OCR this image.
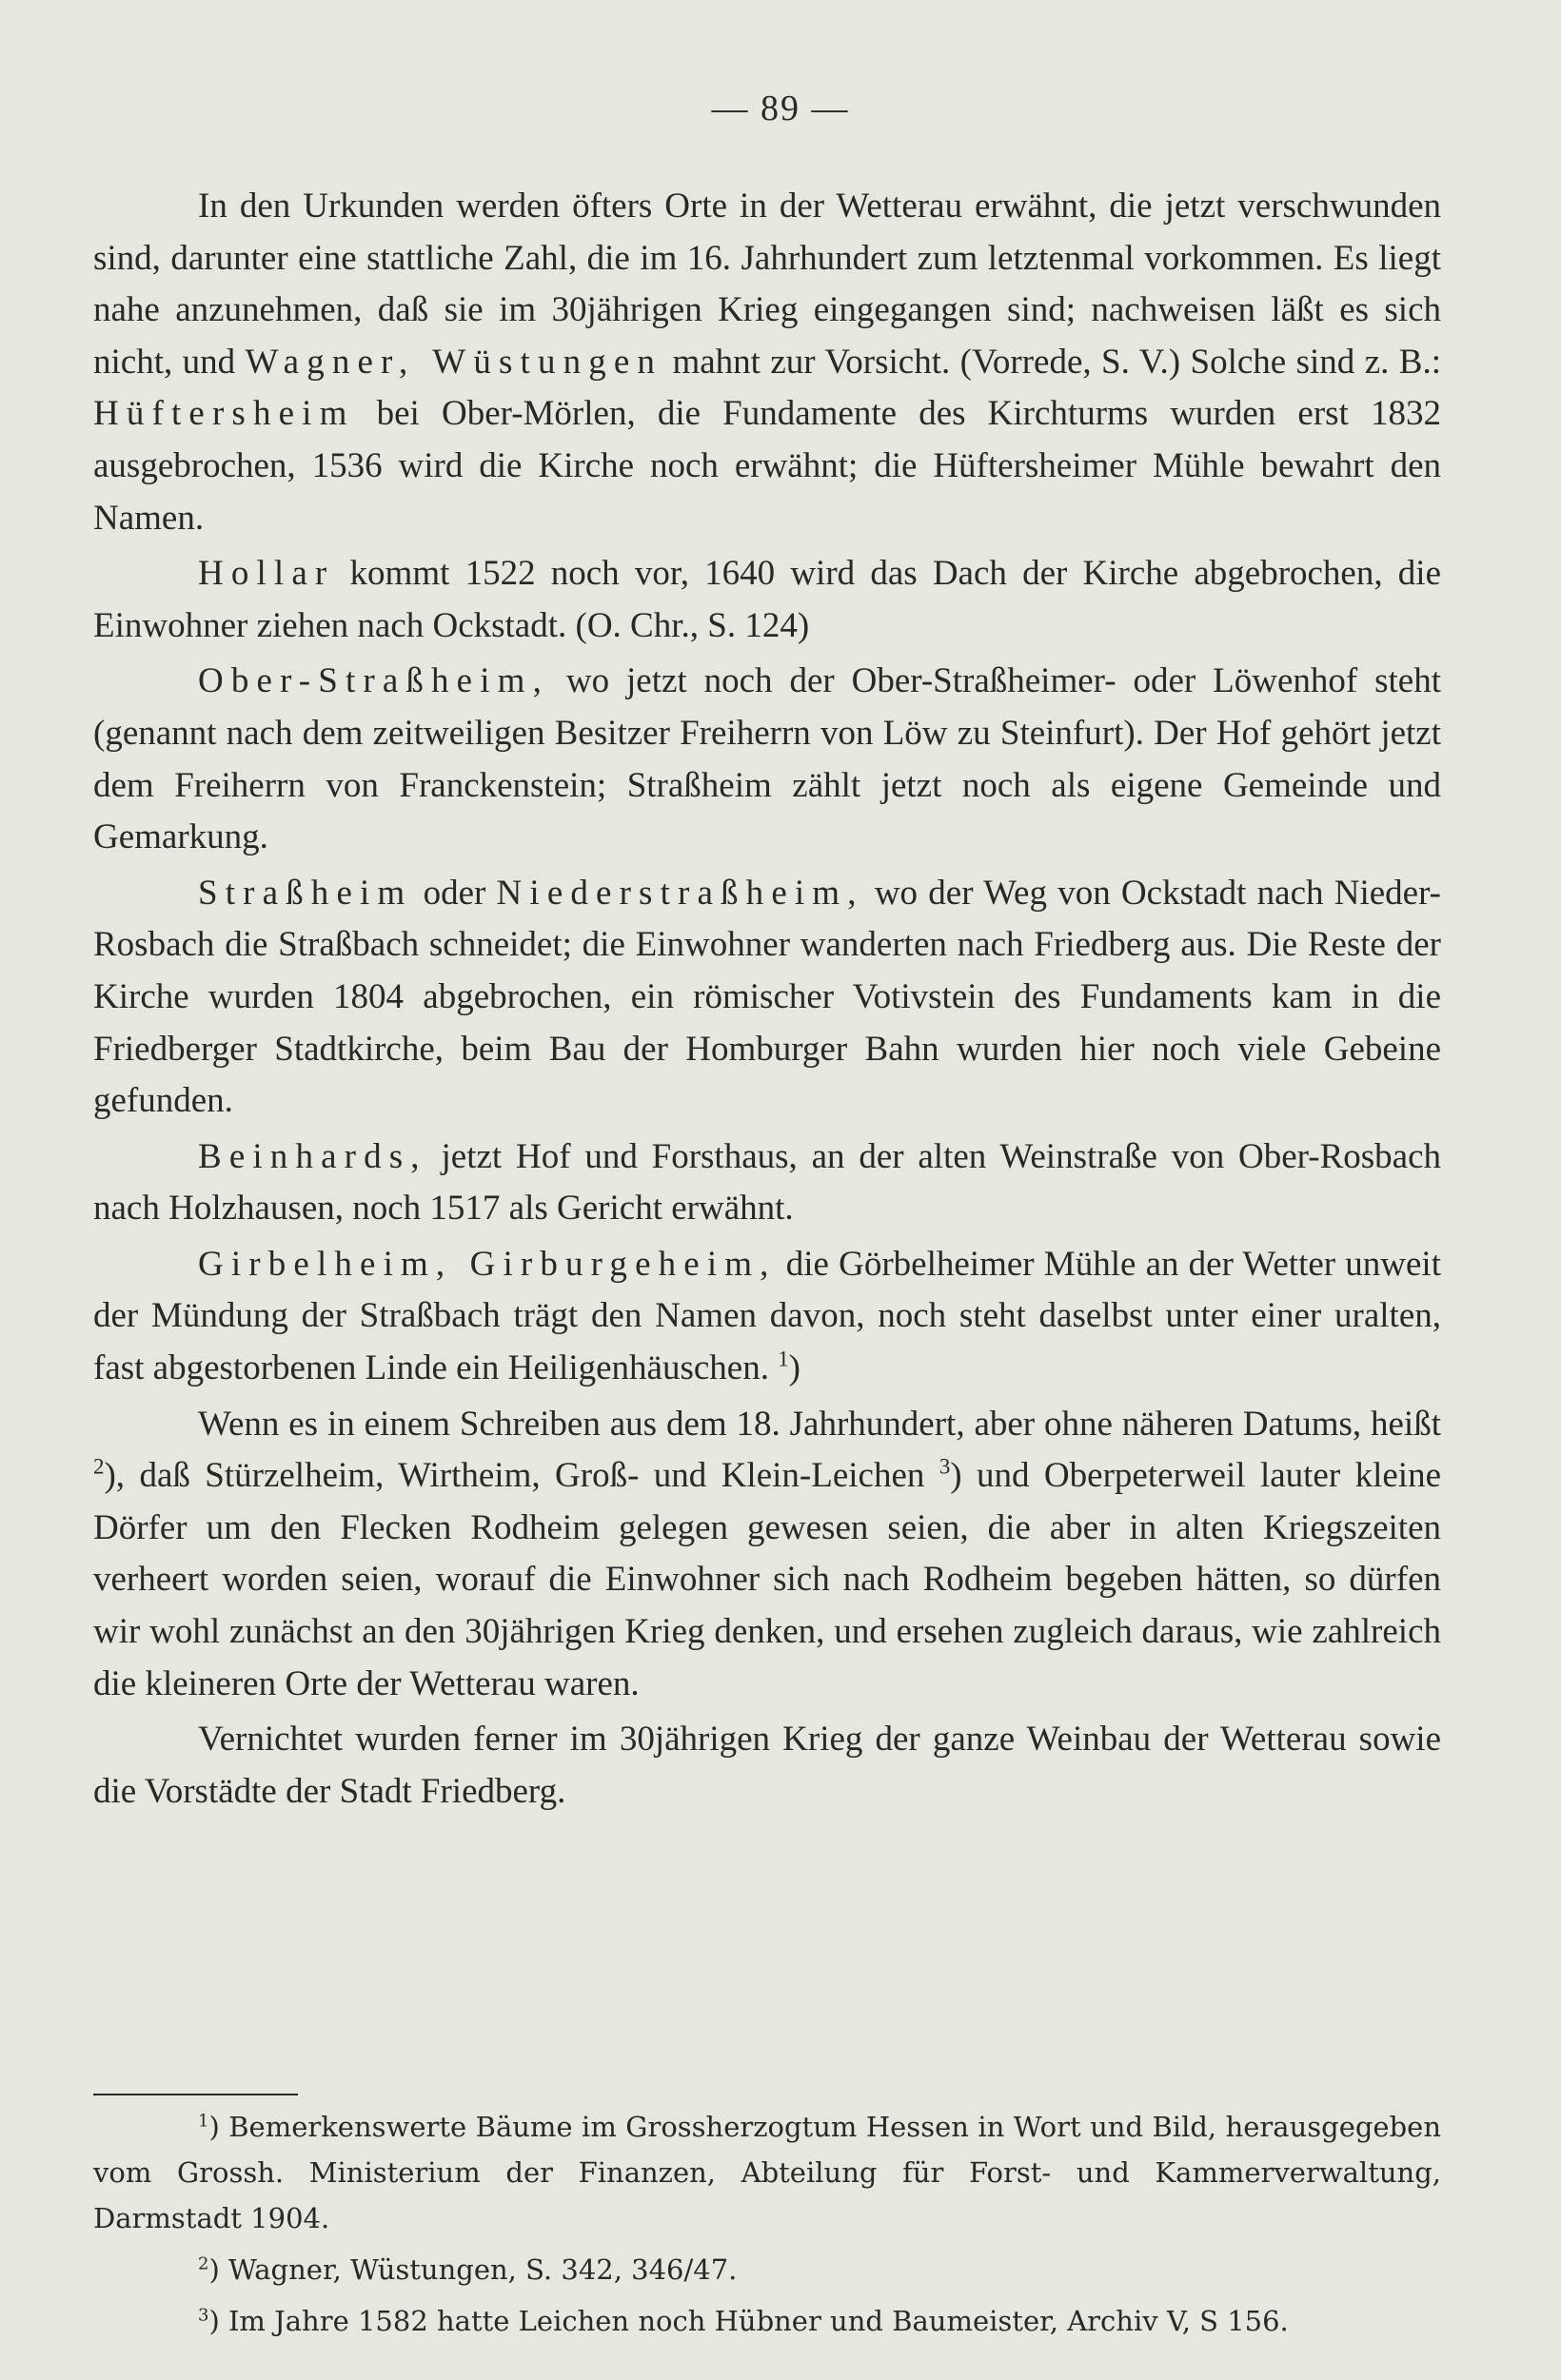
— 89 —

In den Urkunden werden öfters Orte in der Wetterau erwähnt, die jetzt verschwunden sind, darunter eine stattliche Zahl, die im 16. Jahrhundert zum letztenmal vorkommen. Es liegt nahe anzunehmen, daß sie im 30jährigen Krieg eingegangen sind; nachweisen läßt es sich nicht, und Wagner, Wüstungen mahnt zur Vorsicht. (Vorrede, S. V.) Solche sind z. B.: Hüftersheim bei Ober-Mörlen, die Fundamente des Kirchturms wurden erst 1832 ausgebrochen, 1536 wird die Kirche noch erwähnt; die Hüftersheimer Mühle bewahrt den Namen.

Hollar kommt 1522 noch vor, 1640 wird das Dach der Kirche abgebrochen, die Einwohner ziehen nach Ockstadt. (O. Chr., S. 124)

Ober-Straßheim, wo jetzt noch der Ober-Straßheimer- oder Löwenhof steht (genannt nach dem zeitweiligen Besitzer Freiherrn von Löw zu Steinfurt). Der Hof gehört jetzt dem Freiherrn von Franckenstein; Straßheim zählt jetzt noch als eigene Gemeinde und Gemarkung.

Straßheim oder Niederstraßheim, wo der Weg von Ockstadt nach Nieder-Rosbach die Straßbach schneidet; die Einwohner wanderten nach Friedberg aus. Die Reste der Kirche wurden 1804 abgebrochen, ein römischer Votivstein des Fundaments kam in die Friedberger Stadtkirche, beim Bau der Homburger Bahn wurden hier noch viele Gebeine gefunden.

Beinhards, jetzt Hof und Forsthaus, an der alten Weinstraße von Ober-Rosbach nach Holzhausen, noch 1517 als Gericht erwähnt.

Girbelheim, Girburgeheim, die Görbelheimer Mühle an der Wetter unweit der Mündung der Straßbach trägt den Namen davon, noch steht daselbst unter einer uralten, fast abgestorbenen Linde ein Heiligenhäuschen. $^1$)

Wenn es in einem Schreiben aus dem 18. Jahrhundert, aber ohne näheren Datums, heißt $^2$), daß Stürzelheim, Wirtheim, Groß- und Klein-Leichen $^3$) und Oberpeterweil lauter kleine Dörfer um den Flecken Rodheim gelegen gewesen seien, die aber in alten Kriegszeiten verheert worden seien, worauf die Einwohner sich nach Rodheim begeben hätten, so dürfen wir wohl zunächst an den 30jährigen Krieg denken, und ersehen zugleich daraus, wie zahlreich die kleineren Orte der Wetterau waren.

Vernichtet wurden ferner im 30jährigen Krieg der ganze Weinbau der Wetterau sowie die Vorstädte der Stadt Friedberg.

$^1$) Bemerkenswerte Bäume im Grossherzogtum Hessen in Wort und Bild, herausgegeben vom Grossh. Ministerium der Finanzen, Abteilung für Forst- und Kammerverwaltung, Darmstadt 1904.

$^2$) Wagner, Wüstungen, S. 342, 346/47.

$^3$) Im Jahre 1582 hatte Leichen noch Hübner und Baumeister, Archiv V, S 156.
